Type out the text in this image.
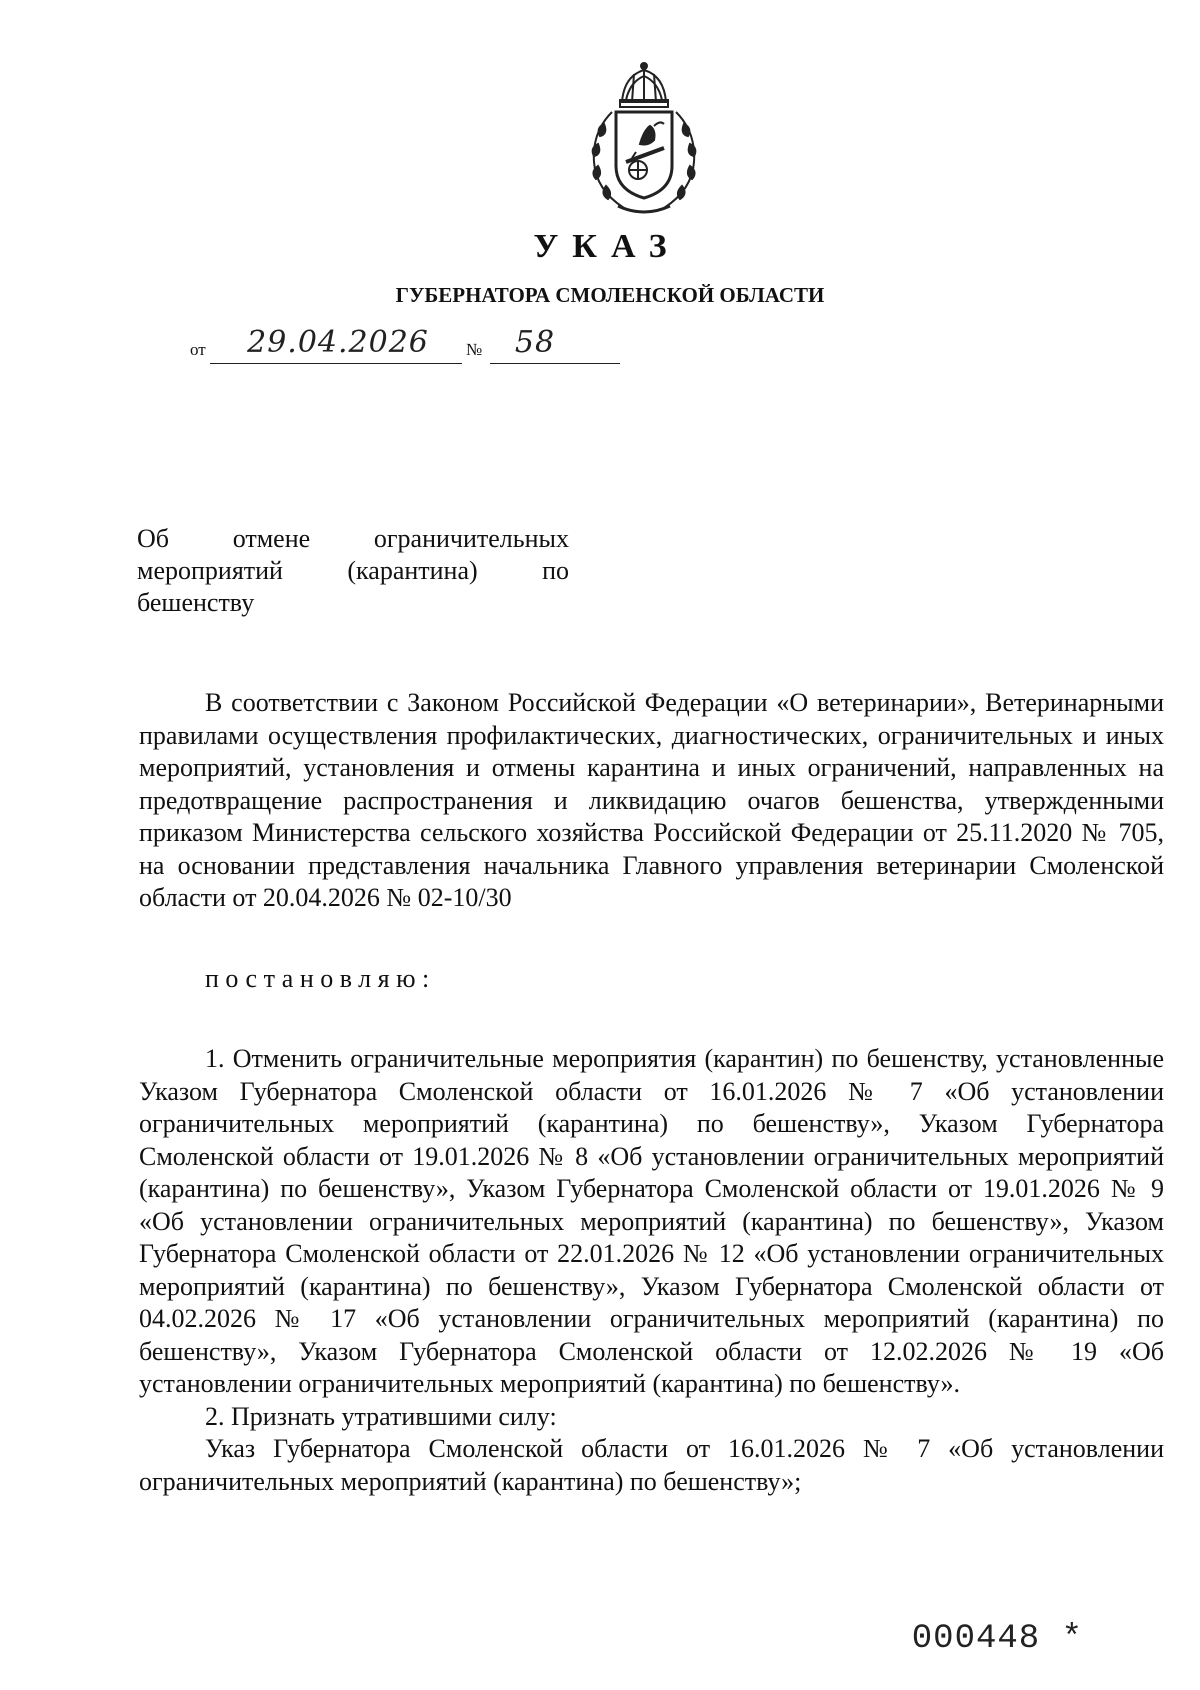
УКАЗ
ГУБЕРНАТОРА СМОЛЕНСКОЙ ОБЛАСТИ
от	29.04.2026	№	58
Об отмене ограничительных
мероприятий (карантина) по
бешенству

В соответствии с Законом Российской Федерации «О ветеринарии», Ветеринарными правилами осуществления профилактических, диагностических, ограничительных и иных мероприятий, установления и отмены карантина и иных ограничений, направленных на предотвращение распространения и ликвидацию очагов бешенства, утвержденными приказом Министерства сельского хозяйства Российской Федерации от 25.11.2020 № 705, на основании представления начальника Главного управления ветеринарии Смоленской области от 20.04.2026 № 02-10/30

постановляю:

1. Отменить ограничительные мероприятия (карантин) по бешенству, установленные Указом Губернатора Смоленской области от 16.01.2026 № 7 «Об установлении ограничительных мероприятий (карантина) по бешенству», Указом Губернатора Смоленской области от 19.01.2026 № 8 «Об установлении ограничительных мероприятий (карантина) по бешенству», Указом Губернатора Смоленской области от 19.01.2026 № 9 «Об установлении ограничительных мероприятий (карантина) по бешенству», Указом Губернатора Смоленской области от 22.01.2026 № 12 «Об установлении ограничительных мероприятий (карантина) по бешенству», Указом Губернатора Смоленской области от 04.02.2026 № 17 «Об установлении ограничительных мероприятий (карантина) по бешенству», Указом Губернатора Смоленской области от 12.02.2026 № 19 «Об установлении ограничительных мероприятий (карантина) по бешенству».

2. Признать утратившими силу:

Указ Губернатора Смоленской области от 16.01.2026 № 7 «Об установлении ограничительных мероприятий (карантина) по бешенству»;

000448 *
